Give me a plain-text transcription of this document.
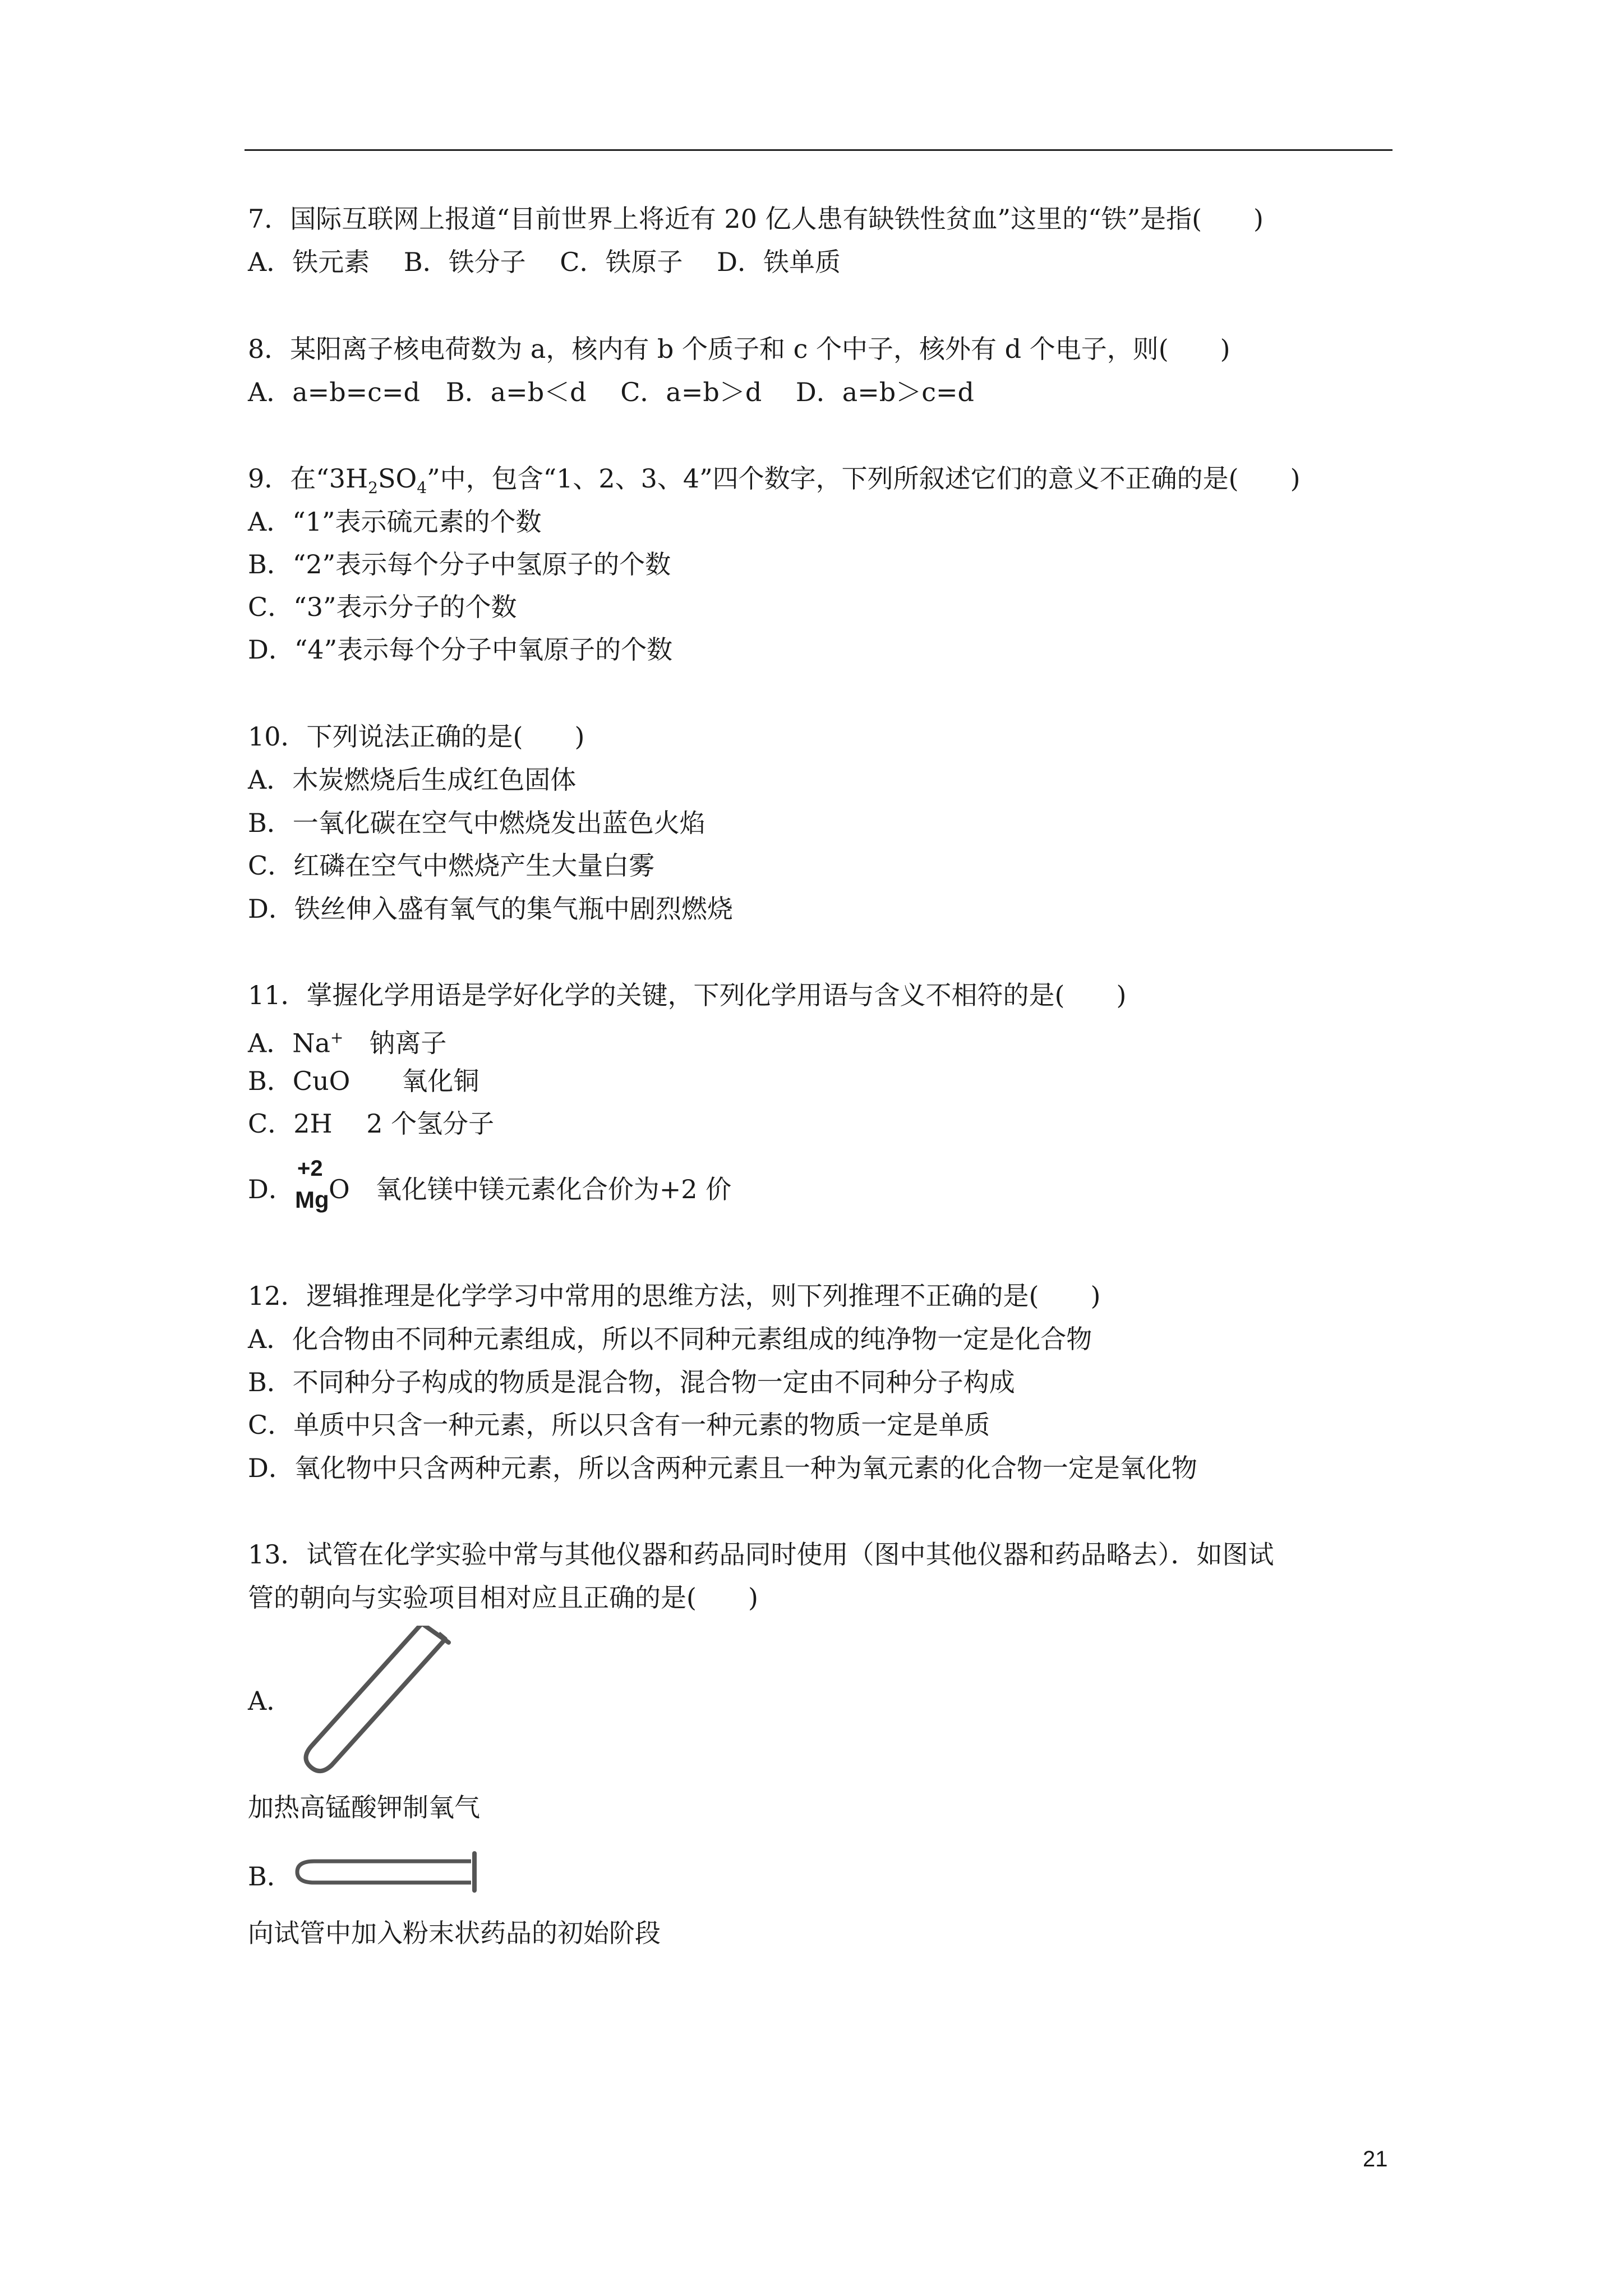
7．国际互联网上报道“目前世界上将近有 20 亿人患有缺铁性贫血”这里的“铁”是指(　　)
A．铁元素　 B．铁分子　 C．铁原子　 D．铁单质
8．某阳离子核电荷数为 a，核内有 b 个质子和 c 个中子，核外有 d 个电子，则(　　)
A．a=b=c=d　B．a=b＜d　 C．a=b＞d　 D．a=b＞c=d
9．在“$3H_2SO_4$”中，包含“1、2、3、4”四个数字，下列所叙述它们的意义不正确的是(　　)
A．“1”表示硫元素的个数
B．“2”表示每个分子中氢原子的个数
C．“3”表示分子的个数
D．“4”表示每个分子中氧原子的个数
10．下列说法正确的是(　　)
A．木炭燃烧后生成红色固体
B．一氧化碳在空气中燃烧发出蓝色火焰
C．红磷在空气中燃烧产生大量白雾
D．铁丝伸入盛有氧气的集气瓶中剧烈燃烧
11．掌握化学用语是学好化学的关键，下列化学用语与含义不相符的是(　　)
A．Na+　钠离子
B．CuO　　氧化铜
C．2H　 2 个氢分子
D．
+2
Mg O　氧化镁中镁元素化合价为+2 价
12．逻辑推理是化学学习中常用的思维方法，则下列推理不正确的是(　　)
A．化合物由不同种元素组成，所以不同种元素组成的纯净物一定是化合物
B．不同种分子构成的物质是混合物，混合物一定由不同种分子构成
C．单质中只含一种元素，所以只含有一种元素的物质一定是单质
D．氧化物中只含两种元素，所以含两种元素且一种为氧元素的化合物一定是氧化物
13．试管在化学实验中常与其他仪器和药品同时使用（图中其他仪器和药品略去）．如图试
管的朝向与实验项目相对应且正确的是(　　)
A．
加热高锰酸钾制氧气
B．
向试管中加入粉末状药品的初始阶段
21
